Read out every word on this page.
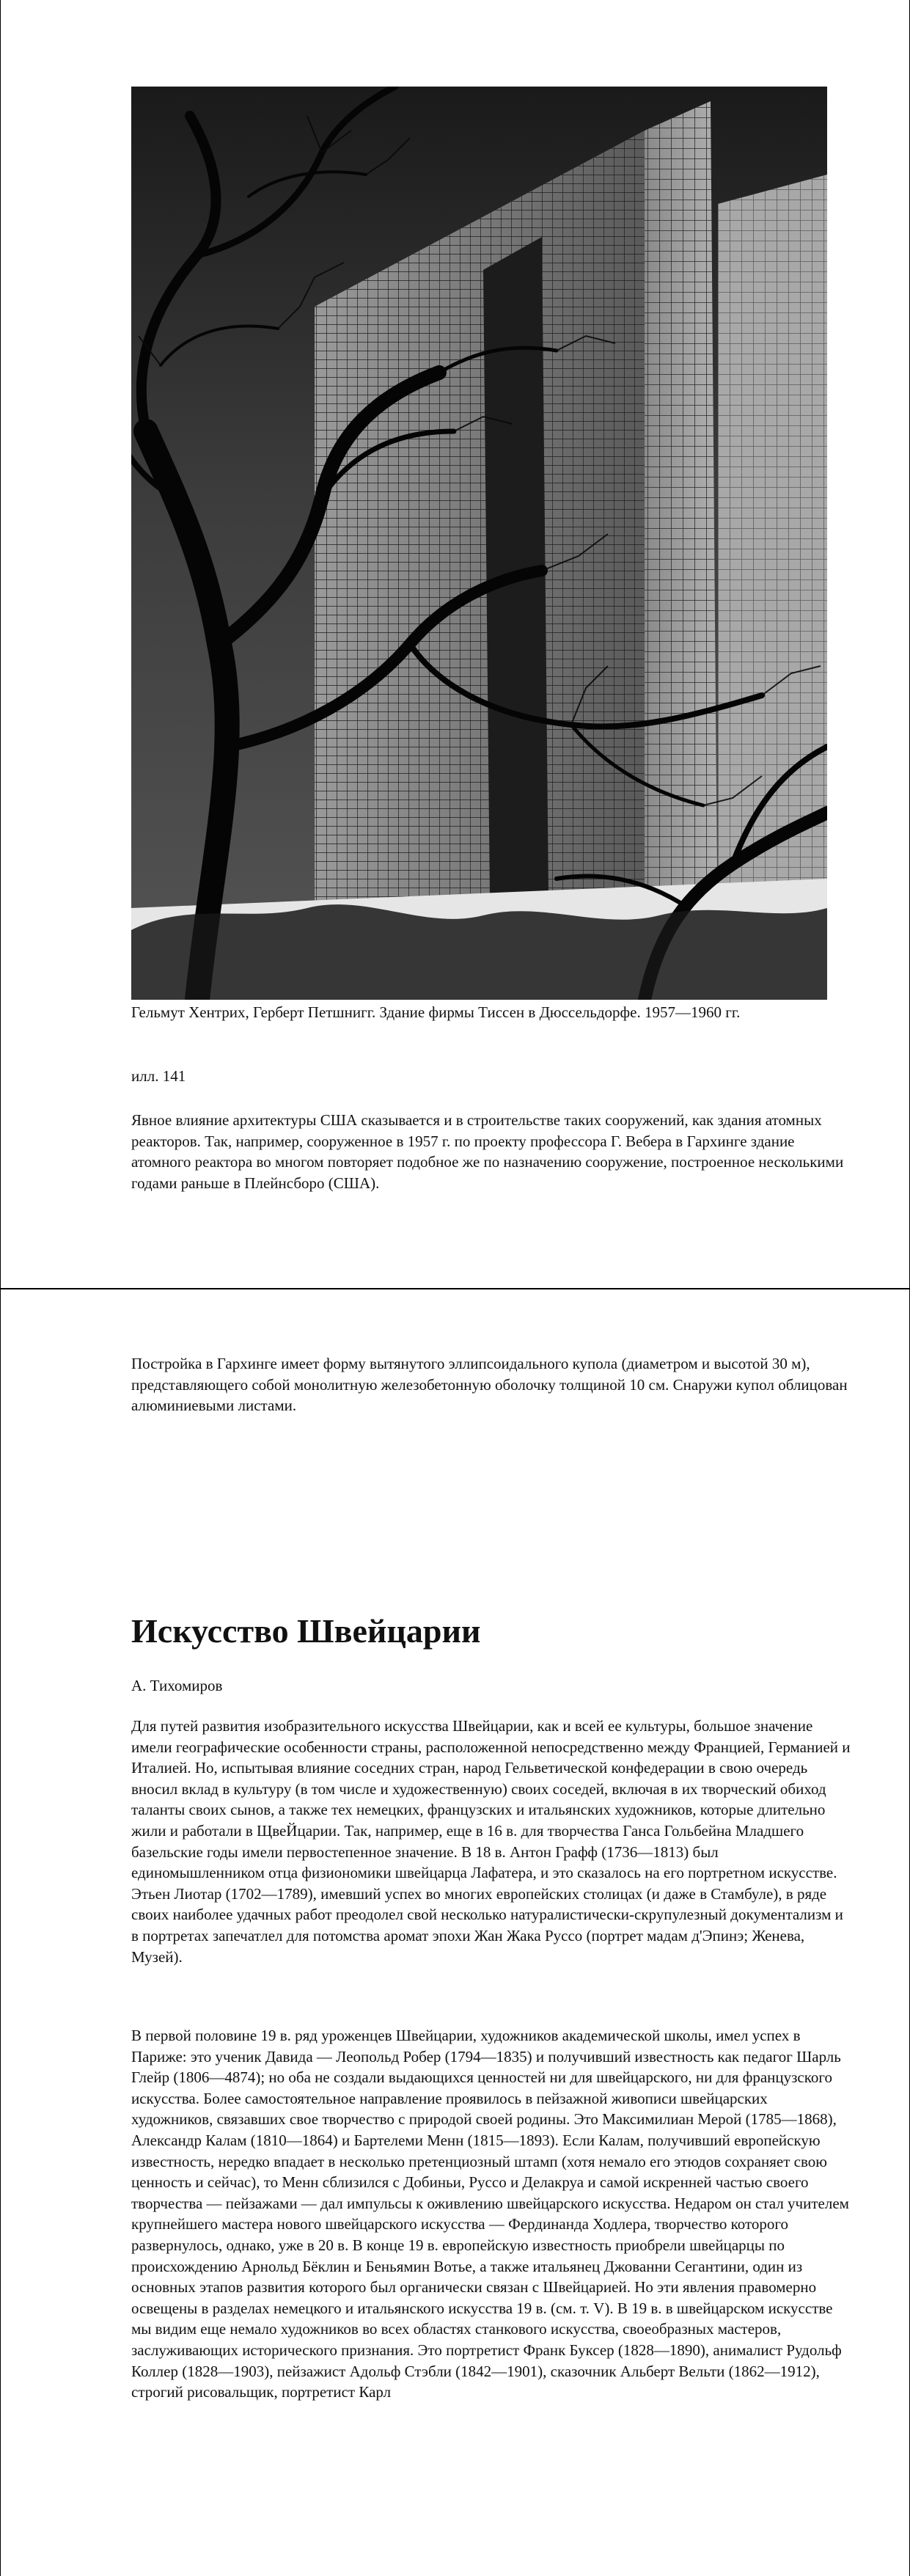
Гельмут Хентрих, Герберт Петшнигг. Здание фирмы Тиссен в Дюссельдорфе. 1957—1960 гг.

илл. 141

Явное влияние архитектуры США сказывается и в строительстве таких сооружений, как здания атомных реакторов. Так, например, сооруженное в 1957 г. по проекту профессора Г. Вебера в Гархинге здание атомного реактора во многом повторяет подобное же по назначению сооружение, построенное несколькими годами раньше в Плейнсборо (США).

Постройка в Гархинге имеет форму вытянутого эллипсоидального купола (диаметром и высотой 30 м), представляющего собой монолитную железобетонную оболочку толщиной 10 см. Снаружи купол облицован алюминиевыми листами.

Искусство Швейцарии

А. Тихомиров

Для путей развития изобразительного искусства Швейцарии, как и всей ее культуры, большое значение имели географические особенности страны, расположенной непосредственно между Францией, Германией и Италией. Но, испытывая влияние соседних стран, народ Гельветической конфедерации в свою очередь вносил вклад в культуру (в том числе и художественную) своих соседей, включая в их творческий обиход таланты своих сынов, а также тех немецких, французских и итальянских художников, которые длительно жили и работали в ЩвеЙцарии. Так, например, еще в 16 в. для творчества Ганса Гольбейна Младшего базельские годы имели первостепенное значение. В 18 в. Антон Графф (1736—1813) был единомышленником отца физиономики швейцарца Лафатера, и это сказалось на его портретном искусстве. Этьен Лиотар (1702—1789), имевший успех во многих европейских столицах (и даже в Стамбуле), в ряде своих наиболее удачных работ преодолел свой несколько натуралистически-скрупулезный документализм и в портретах запечатлел для потомства аромат эпохи Жан Жака Руссо (портрет мадам д'Эпинэ; Женева, Музей).

В первой половине 19 в. ряд уроженцев Швейцарии, художников академической школы, имел успех в Париже: это ученик Давида — Леопольд Робер (1794—1835) и получивший известность как педагог Шарль Глейр (1806—4874); но оба не создали выдающихся ценностей ни для швейцарского, ни для французского искусства. Более самостоятельное направление проявилось в пейзажной живописи швейцарских художников, связавших свое творчество с природой своей родины. Это Максимилиан Мерой (1785—1868), Александр Калам (1810—1864) и Бартелеми Менн (1815—1893). Если Калам, получивший европейскую известность, нередко впадает в несколько претенциозный штамп (хотя немало его этюдов сохраняет свою ценность и сейчас), то Менн сблизился с Добиньи, Руссо и Делакруа и самой искренней частью своего творчества — пейзажами — дал импульсы к оживлению швейцарского искусства. Недаром он стал учителем крупнейшего мастера нового швейцарского искусства — Фердинанда Ходлера, творчество которого развернулось, однако, уже в 20 в. В конце 19 в. европейскую известность приобрели швейцарцы по происхождению Арнольд Бёклин и Беньямин Вотье, а также итальянец Джованни Сегантини, один из основных этапов развития которого был органически связан с Швейцарией. Но эти явления правомерно освещены в разделах немецкого и итальянского искусства 19 в. (см. т. V). В 19 в. в швейцарском искусстве мы видим еще немало художников во всех областях станкового искусства, своеобразных мастеров, заслуживающих исторического признания. Это портретист Франк Буксер (1828—1890), анималист Рудольф Коллер (1828—1903), пейзажист Адольф Стэбли (1842—1901), сказочник Альберт Вельти (1862—1912), строгий рисовальщик, портретист Карл
